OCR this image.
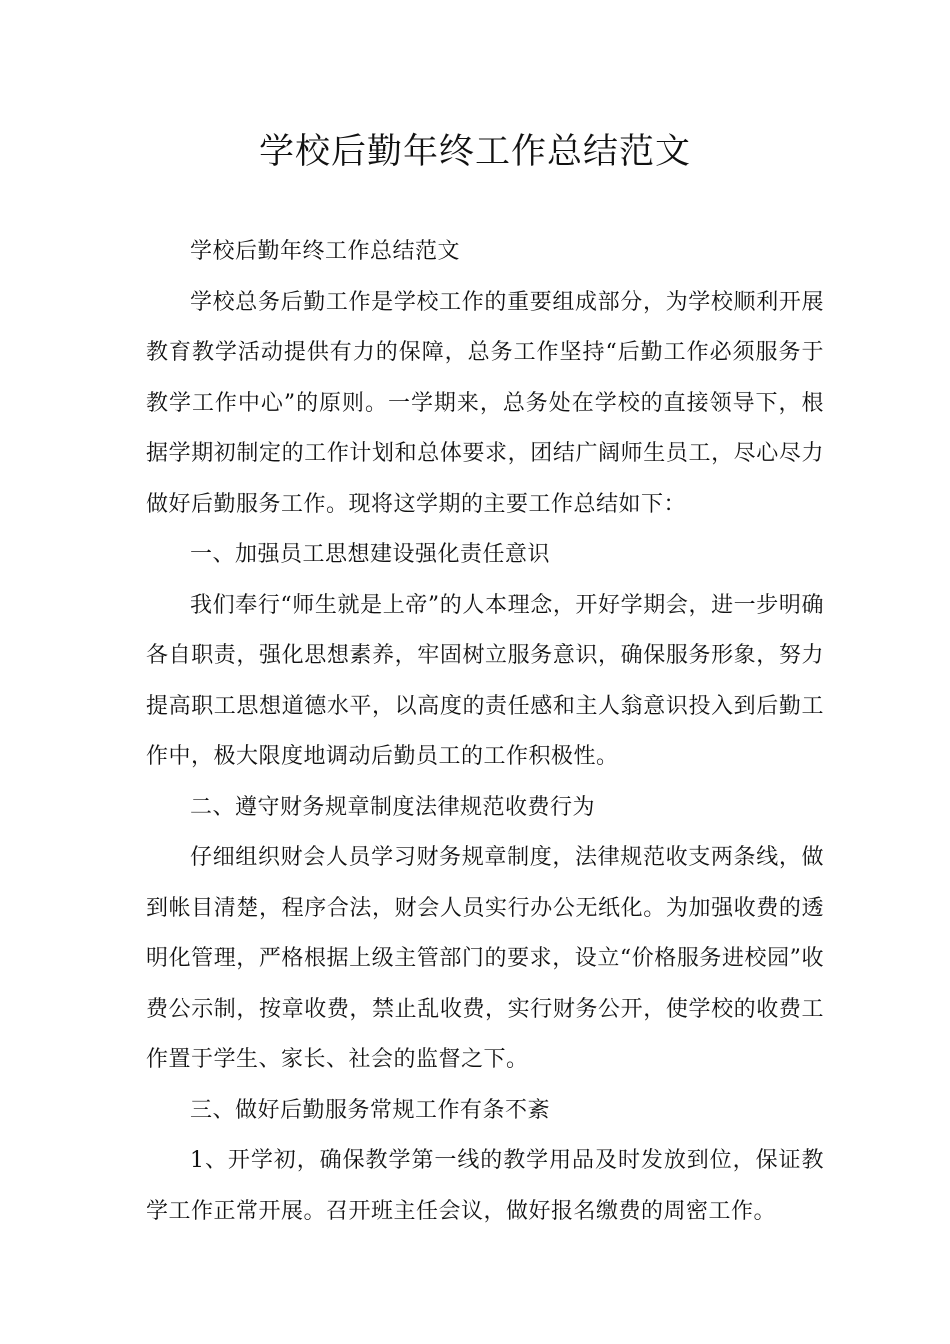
学校后勤年终工作总结范文

学校后勤年终工作总结范文

学校总务后勤工作是学校工作的重要组成部分，为学校顺利开展教育教学活动提供有力的保障，总务工作坚持“后勤工作必须服务于教学工作中心”的原则。一学期来，总务处在学校的直接领导下，根据学期初制定的工作计划和总体要求，团结广阔师生员工，尽心尽力做好后勤服务工作。现将这学期的主要工作总结如下：

一、加强员工思想建设强化责任意识

我们奉行“师生就是上帝”的人本理念，开好学期会，进一步明确各自职责，强化思想素养，牢固树立服务意识，确保服务形象，努力提高职工思想道德水平，以高度的责任感和主人翁意识投入到后勤工作中，极大限度地调动后勤员工的工作积极性。

二、遵守财务规章制度法律规范收费行为

仔细组织财会人员学习财务规章制度，法律规范收支两条线，做到帐目清楚，程序合法，财会人员实行办公无纸化。为加强收费的透明化管理，严格根据上级主管部门的要求，设立“价格服务进校园”收费公示制，按章收费，禁止乱收费，实行财务公开，使学校的收费工作置于学生、家长、社会的监督之下。

三、做好后勤服务常规工作有条不紊

1、开学初，确保教学第一线的教学用品及时发放到位，保证教学工作正常开展。召开班主任会议，做好报名缴费的周密工作。
